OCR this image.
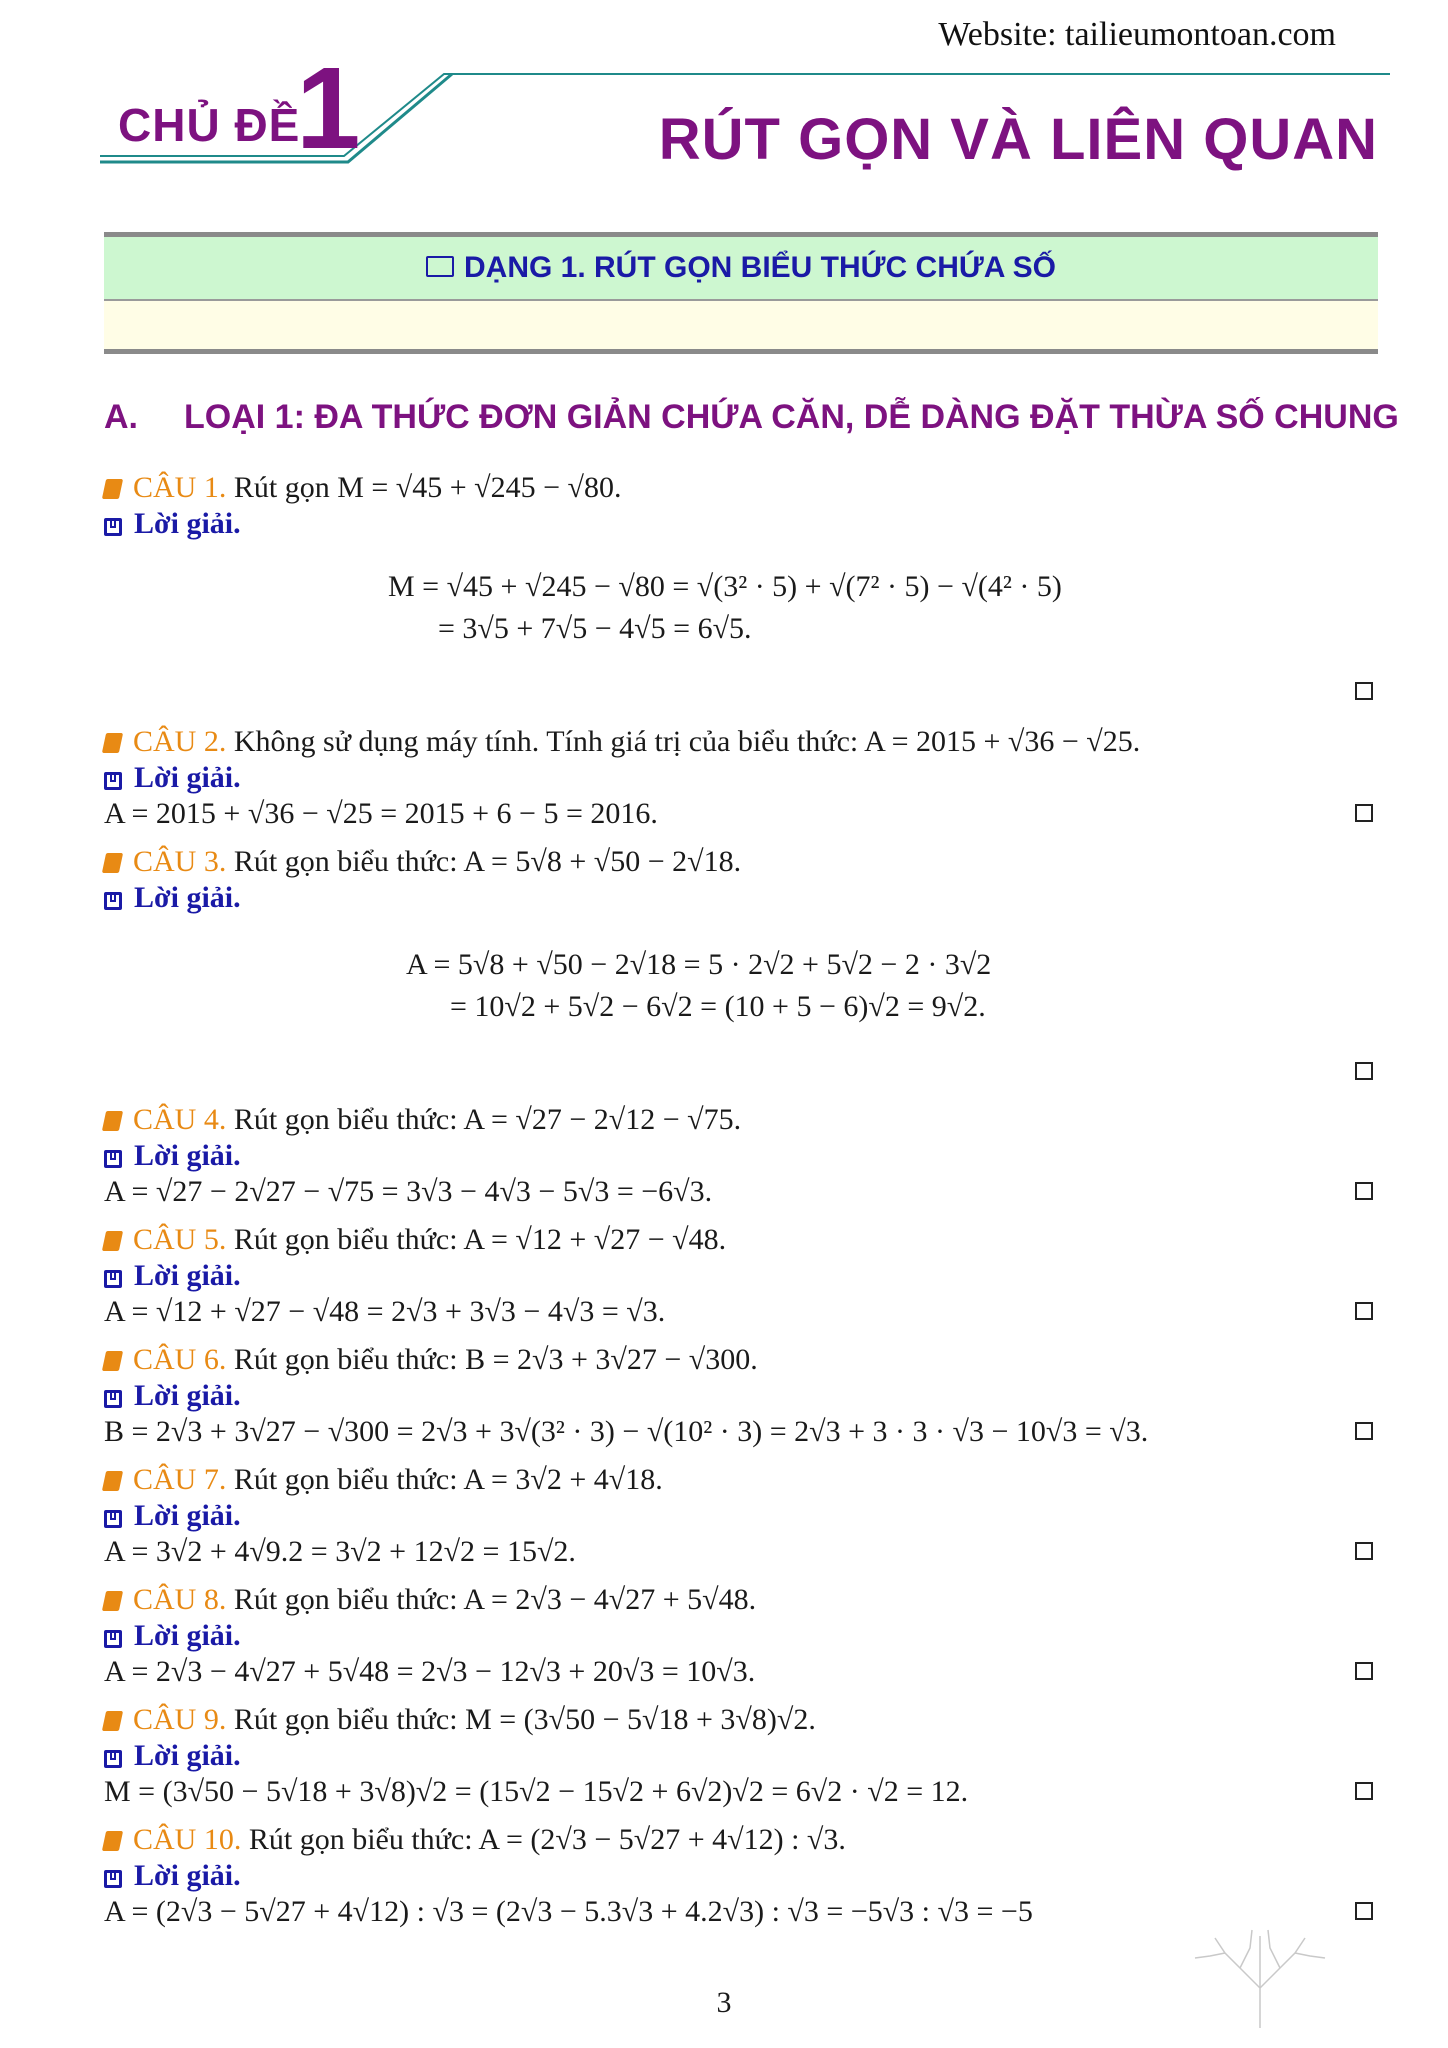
Website: tailieumontoan.com
CHỦ ĐỀ
1	RÚT GỌN VÀ LIÊN QUAN
DẠNG 1. RÚT GỌN BIỂU THỨC CHỨA SỐ
A. LOẠI 1: ĐA THỨC ĐƠN GIẢN CHỨA CĂN, DỄ DÀNG ĐẶT THỪA SỐ CHUNG
CÂU 1. Rút gọn M = √45 + √245 − √80.
Lời giải.
M = √45 + √245 − √80 = √(3² · 5) + √(7² · 5) − √(4² · 5)
= 3√5 + 7√5 − 4√5 = 6√5.
CÂU 2. Không sử dụng máy tính. Tính giá trị của biểu thức: A = 2015 + √36 − √25.
Lời giải.
A = 2015 + √36 − √25 = 2015 + 6 − 5 = 2016.
CÂU 3. Rút gọn biểu thức: A = 5√8 + √50 − 2√18.
Lời giải.
A = 5√8 + √50 − 2√18 = 5 · 2√2 + 5√2 − 2 · 3√2
= 10√2 + 5√2 − 6√2 = (10 + 5 − 6)√2 = 9√2.
CÂU 4. Rút gọn biểu thức: A = √27 − 2√12 − √75.
Lời giải.
A = √27 − 2√27 − √75 = 3√3 − 4√3 − 5√3 = −6√3.
CÂU 5. Rút gọn biểu thức: A = √12 + √27 − √48.
Lời giải.
A = √12 + √27 − √48 = 2√3 + 3√3 − 4√3 = √3.
CÂU 6. Rút gọn biểu thức: B = 2√3 + 3√27 − √300.
Lời giải.
B = 2√3 + 3√27 − √300 = 2√3 + 3√(3² · 3) − √(10² · 3) = 2√3 + 3 · 3 · √3 − 10√3 = √3.
CÂU 7. Rút gọn biểu thức: A = 3√2 + 4√18.
Lời giải.
A = 3√2 + 4√9.2 = 3√2 + 12√2 = 15√2.
CÂU 8. Rút gọn biểu thức: A = 2√3 − 4√27 + 5√48.
Lời giải.
A = 2√3 − 4√27 + 5√48 = 2√3 − 12√3 + 20√3 = 10√3.
CÂU 9. Rút gọn biểu thức: M = (3√50 − 5√18 + 3√8)√2.
Lời giải.
M = (3√50 − 5√18 + 3√8)√2 = (15√2 − 15√2 + 6√2)√2 = 6√2 · √2 = 12.
CÂU 10. Rút gọn biểu thức: A = (2√3 − 5√27 + 4√12) : √3.
Lời giải.
A = (2√3 − 5√27 + 4√12) : √3 = (2√3 − 5.3√3 + 4.2√3) : √3 = −5√3 : √3 = −5
3
